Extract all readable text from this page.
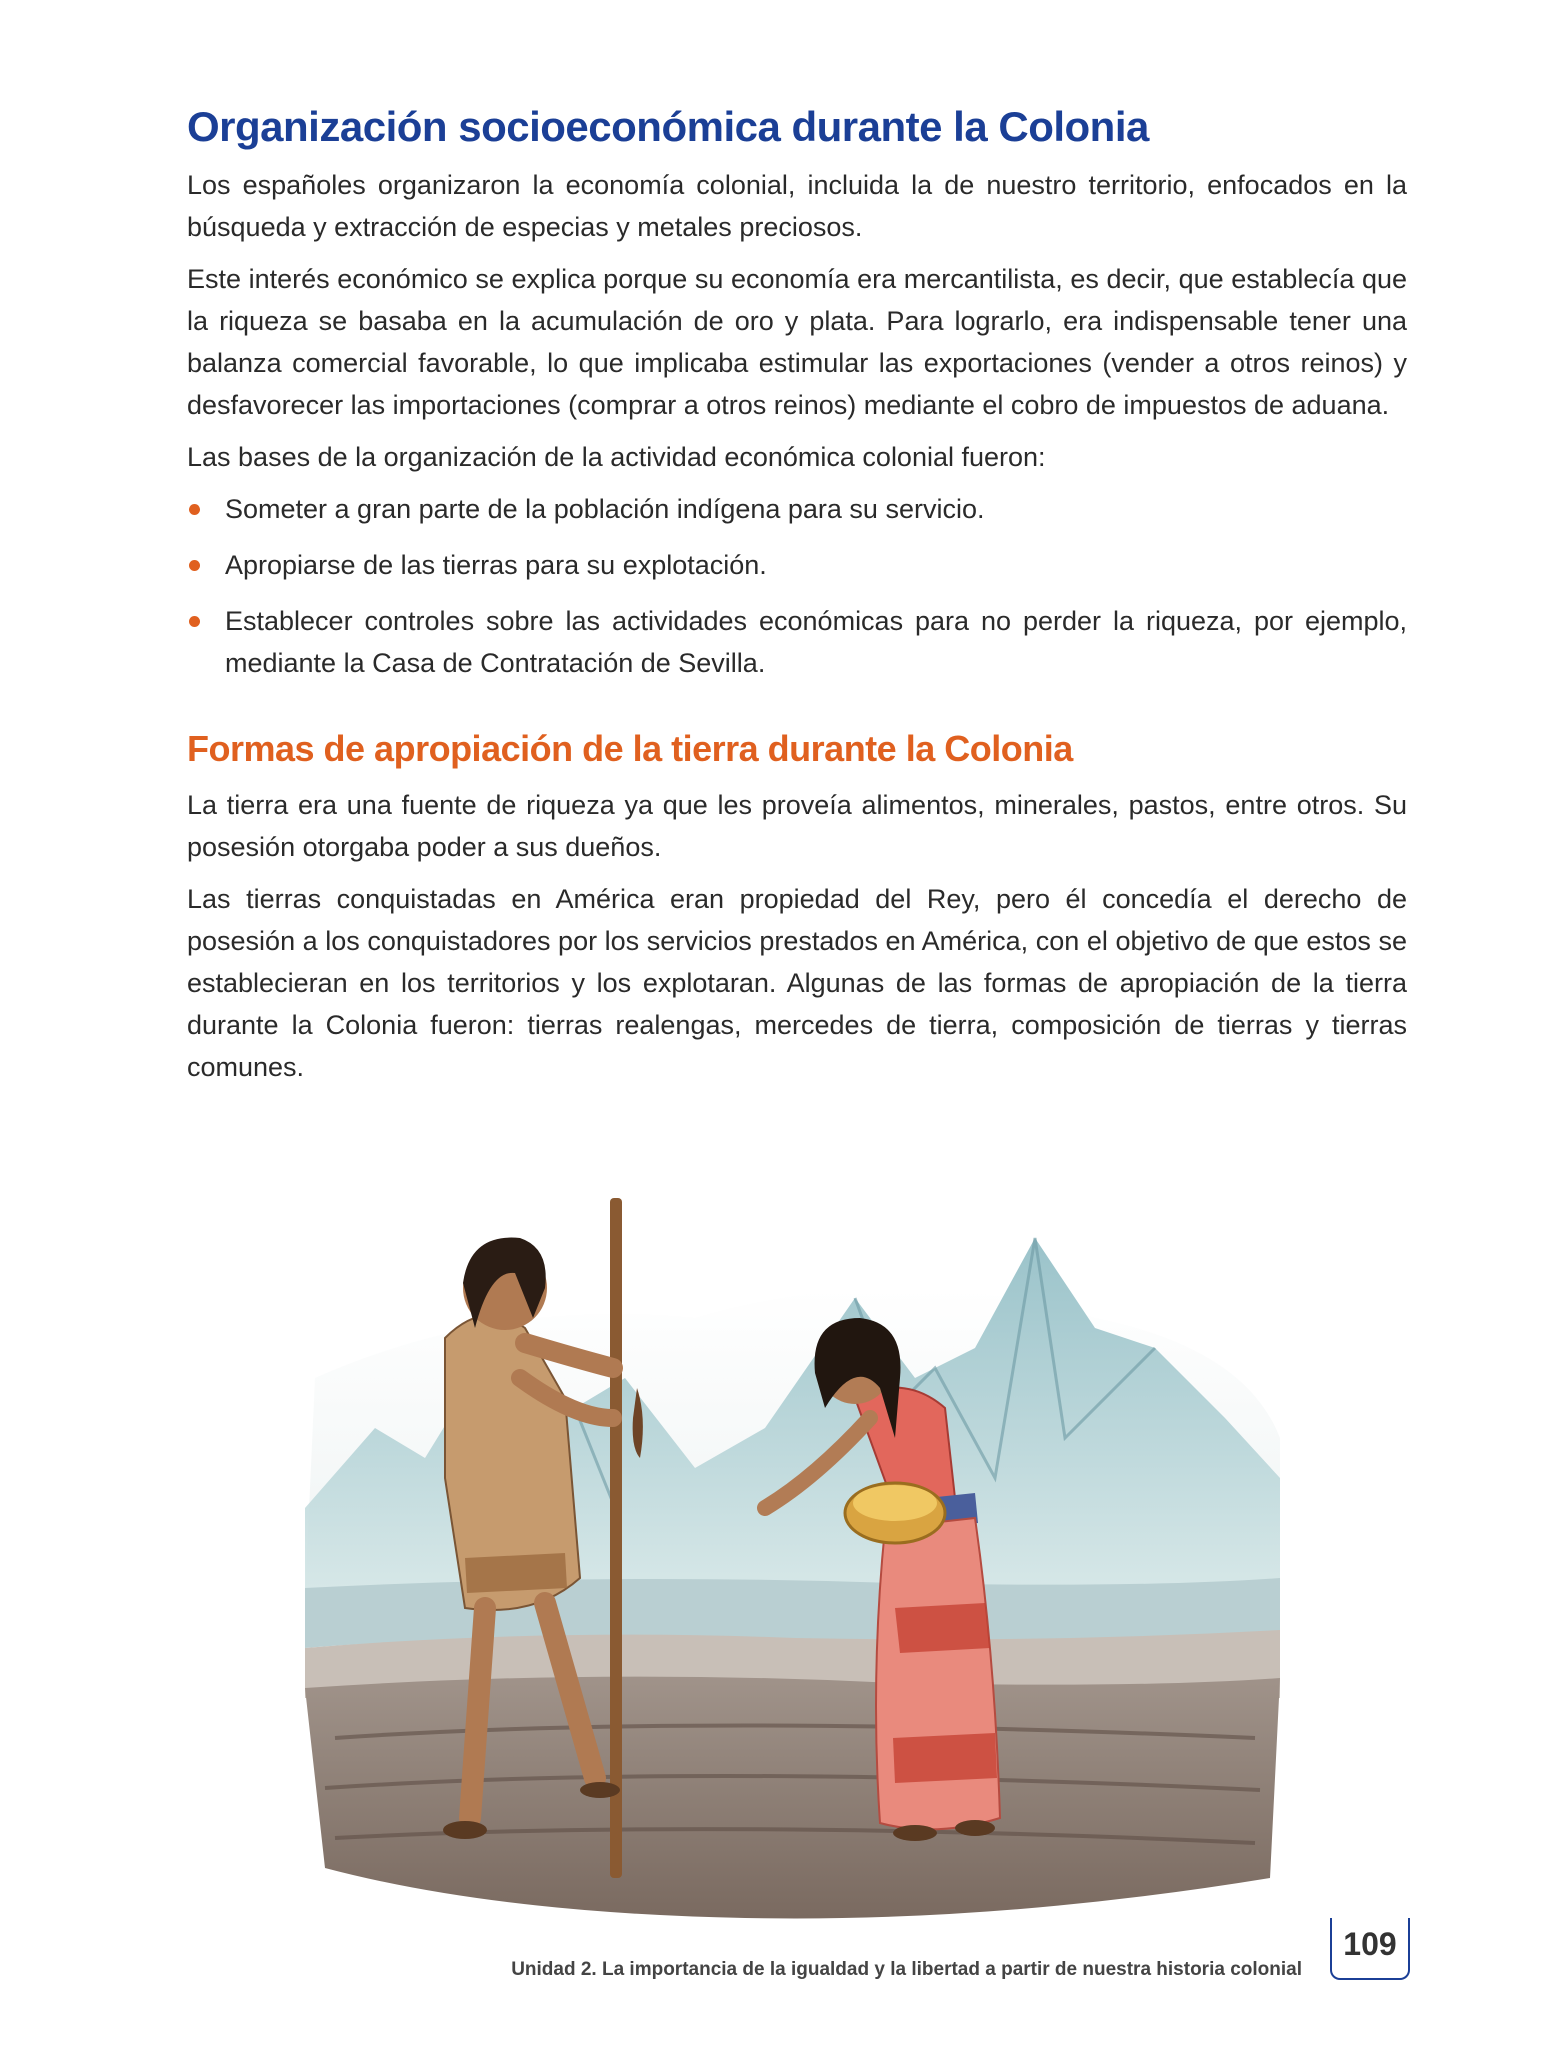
Organización socioeconómica durante la Colonia

Los españoles organizaron la economía colonial, incluida la de nuestro territorio, enfocados en la búsqueda y extracción de especias y metales preciosos.

Este interés económico se explica porque su economía era mercantilista, es decir, que establecía que la riqueza se basaba en la acumulación de oro y plata. Para lograrlo, era indispensable tener una balanza comercial favorable, lo que implicaba estimular las exportaciones (vender a otros reinos) y desfavorecer las importaciones (comprar a otros reinos) mediante el cobro de impuestos de aduana.

Las bases de la organización de la actividad económica colonial fueron:

Someter a gran parte de la población indígena para su servicio.
Apropiarse de las tierras para su explotación.
Establecer controles sobre las actividades económicas para no perder la riqueza, por ejemplo, mediante la Casa de Contratación de Sevilla.
Formas de apropiación de la tierra durante la Colonia

La tierra era una fuente de riqueza ya que les proveía alimentos, minerales, pastos, entre otros. Su posesión otorgaba poder a sus dueños.

Las tierras conquistadas en América eran propiedad del Rey, pero él concedía el derecho de posesión a los conquistadores por los servicios prestados en América, con el objetivo de que estos se establecieran en los territorios y los explotaran. Algunas de las formas de apropiación de la tierra durante la Colonia fueron: tierras realengas, mercedes de tierra, composición de tierras y tierras comunes.

Unidad 2. La importancia de la igualdad y la libertad a partir de nuestra historia colonial
109
